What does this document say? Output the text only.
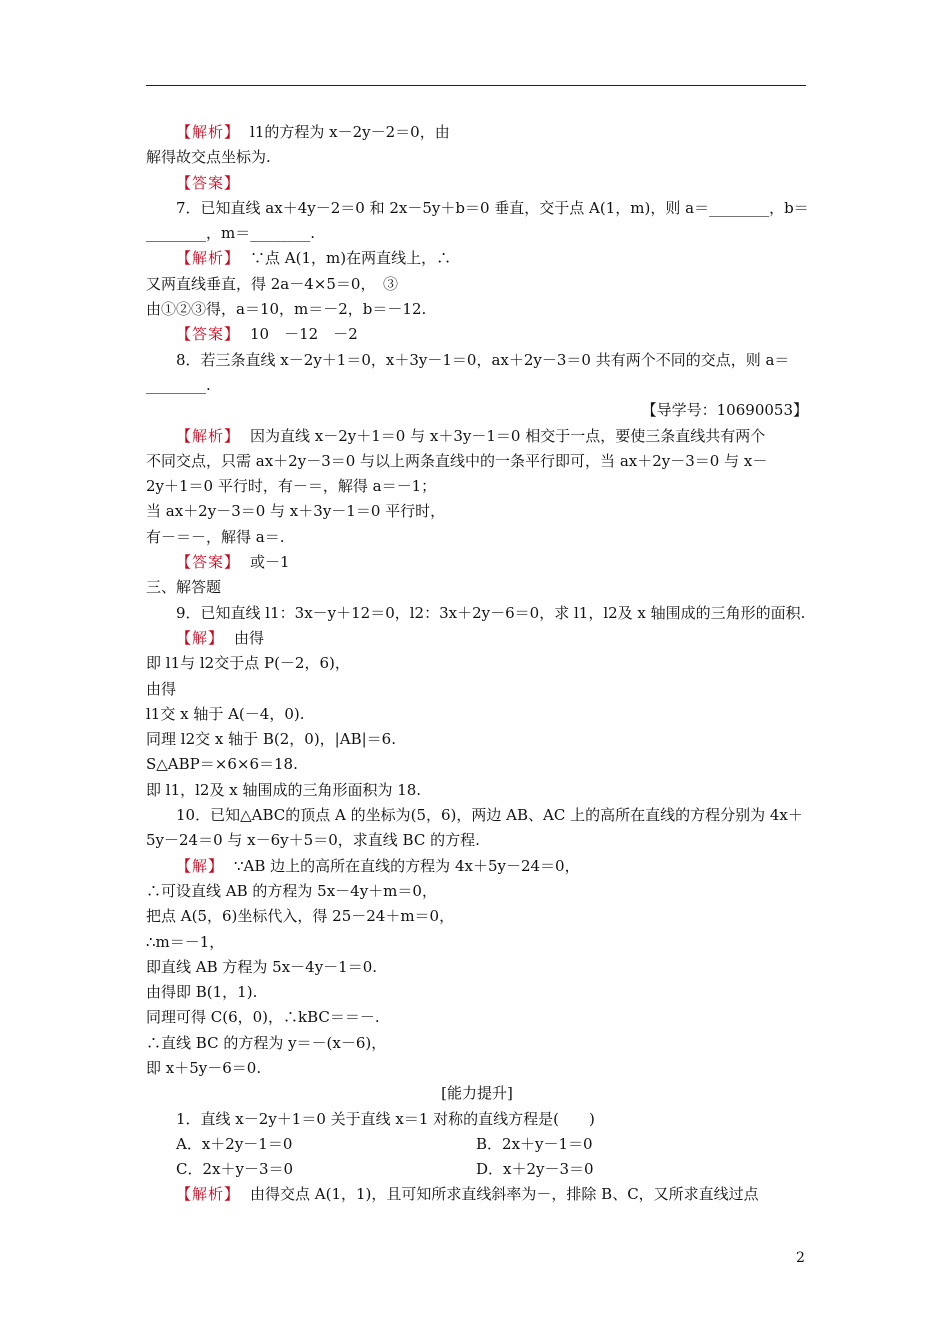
【解析】 l1的方程为 x－2y－2＝0，由
解得故交点坐标为.
【答案】
7．已知直线 ax＋4y－2＝0 和 2x－5y＋b＝0 垂直，交于点 A(1，m)，则 a＝________，b＝
________，m＝________.
【解析】 ∵点 A(1，m)在两直线上，∴
又两直线垂直，得 2a－4×5＝0，　③
由①②③得，a＝10，m＝－2，b＝－12.
【答案】 10　－12　－2
8．若三条直线 x－2y＋1＝0，x＋3y－1＝0，ax＋2y－3＝0 共有两个不同的交点，则 a＝
________.
【导学号：10690053】
【解析】 因为直线 x－2y＋1＝0 与 x＋3y－1＝0 相交于一点，要使三条直线共有两个
不同交点，只需 ax＋2y－3＝0 与以上两条直线中的一条平行即可，当 ax＋2y－3＝0 与 x－
2y＋1＝0 平行时，有－＝，解得 a＝－1；
当 ax＋2y－3＝0 与 x＋3y－1＝0 平行时，
有－＝－，解得 a＝.
【答案】 或－1
三、解答题
9．已知直线 l1：3x－y＋12＝0，l2：3x＋2y－6＝0，求 l1，l2及 x 轴围成的三角形的面积.
【解】 由得
即 l1与 l2交于点 P(－2，6)，
由得
l1交 x 轴于 A(－4，0).
同理 l2交 x 轴于 B(2，0)，|AB|＝6.
S△ABP＝×6×6＝18.
即 l1，l2及 x 轴围成的三角形面积为 18.
10．已知△ABC的顶点 A 的坐标为(5，6)，两边 AB、AC 上的高所在直线的方程分别为 4x＋
5y－24＝0 与 x－6y＋5＝0，求直线 BC 的方程.
【解】 ∵AB 边上的高所在直线的方程为 4x＋5y－24＝0，
∴可设直线 AB 的方程为 5x－4y＋m＝0，
把点 A(5，6)坐标代入，得 25－24＋m＝0，
∴m＝－1，
即直线 AB 方程为 5x－4y－1＝0.
由得即 B(1，1).
同理可得 C(6，0)，∴kBC＝＝－.
∴直线 BC 的方程为 y＝－(x－6)，
即 x＋5y－6＝0.
[能力提升]
1．直线 x－2y＋1＝0 关于直线 x＝1 对称的直线方程是(　　)
A．x＋2y－1＝0	B．2x＋y－1＝0
C．2x＋y－3＝0	D．x＋2y－3＝0
【解析】 由得交点 A(1，1)，且可知所求直线斜率为－，排除 B、C，又所求直线过点
2
